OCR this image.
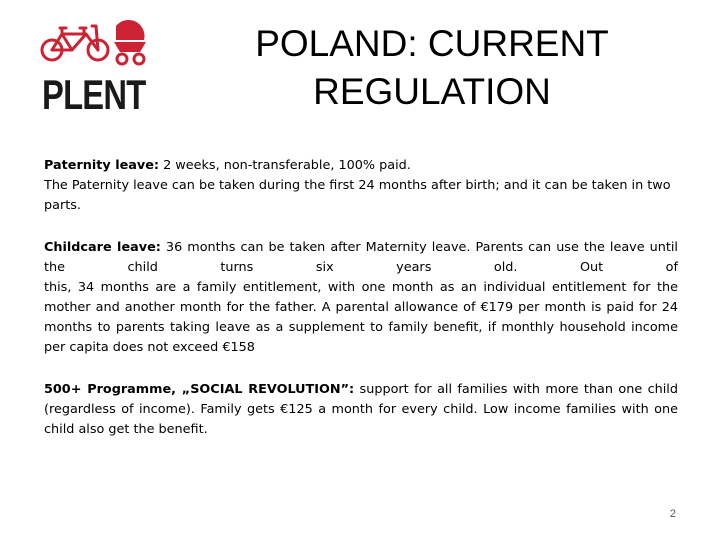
PLENT
POLAND: CURRENT
REGULATION

Paternity leave: 2 weeks, non-transferable, 100% paid.

The Paternity leave can be taken during the first 24 months after birth; and it can be taken in two parts.

Childcare leave: 36 months can be taken after Maternity leave. Parents can use the leave until the child turns six years old. Out of

this, 34 months are a family entitlement, with one month as an individual entitlement for the mother and another month for the father. A parental allowance of €179 per month is paid for 24 months to parents taking leave as a supplement to family benefit, if monthly household income per capita does not exceed €158

500+ Programme, „SOCIAL REVOLUTION”: support for all families with more than one child (regardless of income). Family gets €125 a month for every child. Low income families with one child also get the benefit.

2
